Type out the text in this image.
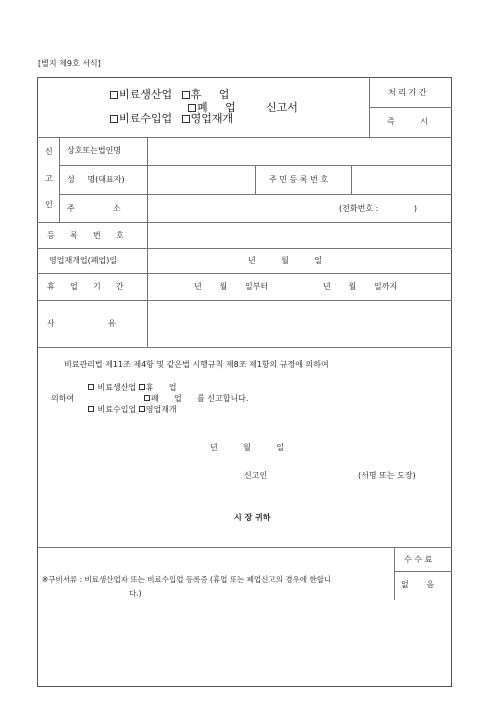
[별지 제9호 서식]
비료생산업 휴     업
폐     업	신고서
비료수입업 영업재개
처 리 기 간
즉          시
신
고
인
상호또는법인명
성     명(대표자)	주 민 등 록 번 호
주               소	(전화번호 :              )
등      록      번      호
영업재개업(폐업)일	년          월          일
휴      업      기      간	년       월       일부터	년       월       일까지
사                     유
비료관리법 제11조 제4항 및 같은법 시행규칙 제8조 제1항의 규정에 의하여
의하여
비료생산업 휴      업
폐      업 를 신고합니다.
비료수입업 영업재개
년          월          일
신고인	(서명 또는 도장)
시 장 귀하
※구비서류 : 비료생산업자 또는 비료수입업 등록증 (휴업 또는 폐업신고의 경우에 한합니
다.)
수 수 료
없       음
